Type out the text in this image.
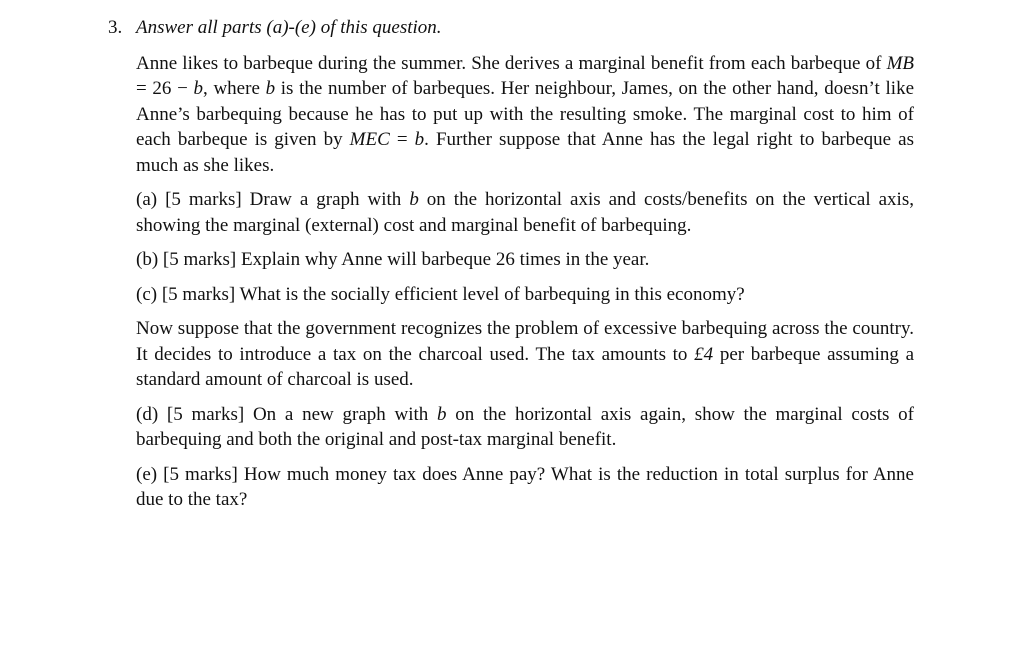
3. Answer all parts (a)-(e) of this question.

Anne likes to barbeque during the summer. She derives a marginal benefit from each barbeque of MB = 26 − b, where b is the number of barbeques. Her neighbour, James, on the other hand, doesn’t like Anne’s barbequing because he has to put up with the resulting smoke. The marginal cost to him of each barbeque is given by MEC = b. Further suppose that Anne has the legal right to barbeque as much as she likes.

(a) [5 marks] Draw a graph with b on the horizontal axis and costs/benefits on the vertical axis, showing the marginal (external) cost and marginal benefit of barbequing.

(b) [5 marks] Explain why Anne will barbeque 26 times in the year.

(c) [5 marks] What is the socially efficient level of barbequing in this economy?

Now suppose that the government recognizes the problem of excessive barbequing across the country. It decides to introduce a tax on the charcoal used. The tax amounts to £4 per barbeque assuming a standard amount of charcoal is used.

(d) [5 marks] On a new graph with b on the horizontal axis again, show the marginal costs of barbequing and both the original and post-tax marginal benefit.

(e) [5 marks] How much money tax does Anne pay? What is the reduction in total surplus for Anne due to the tax?
